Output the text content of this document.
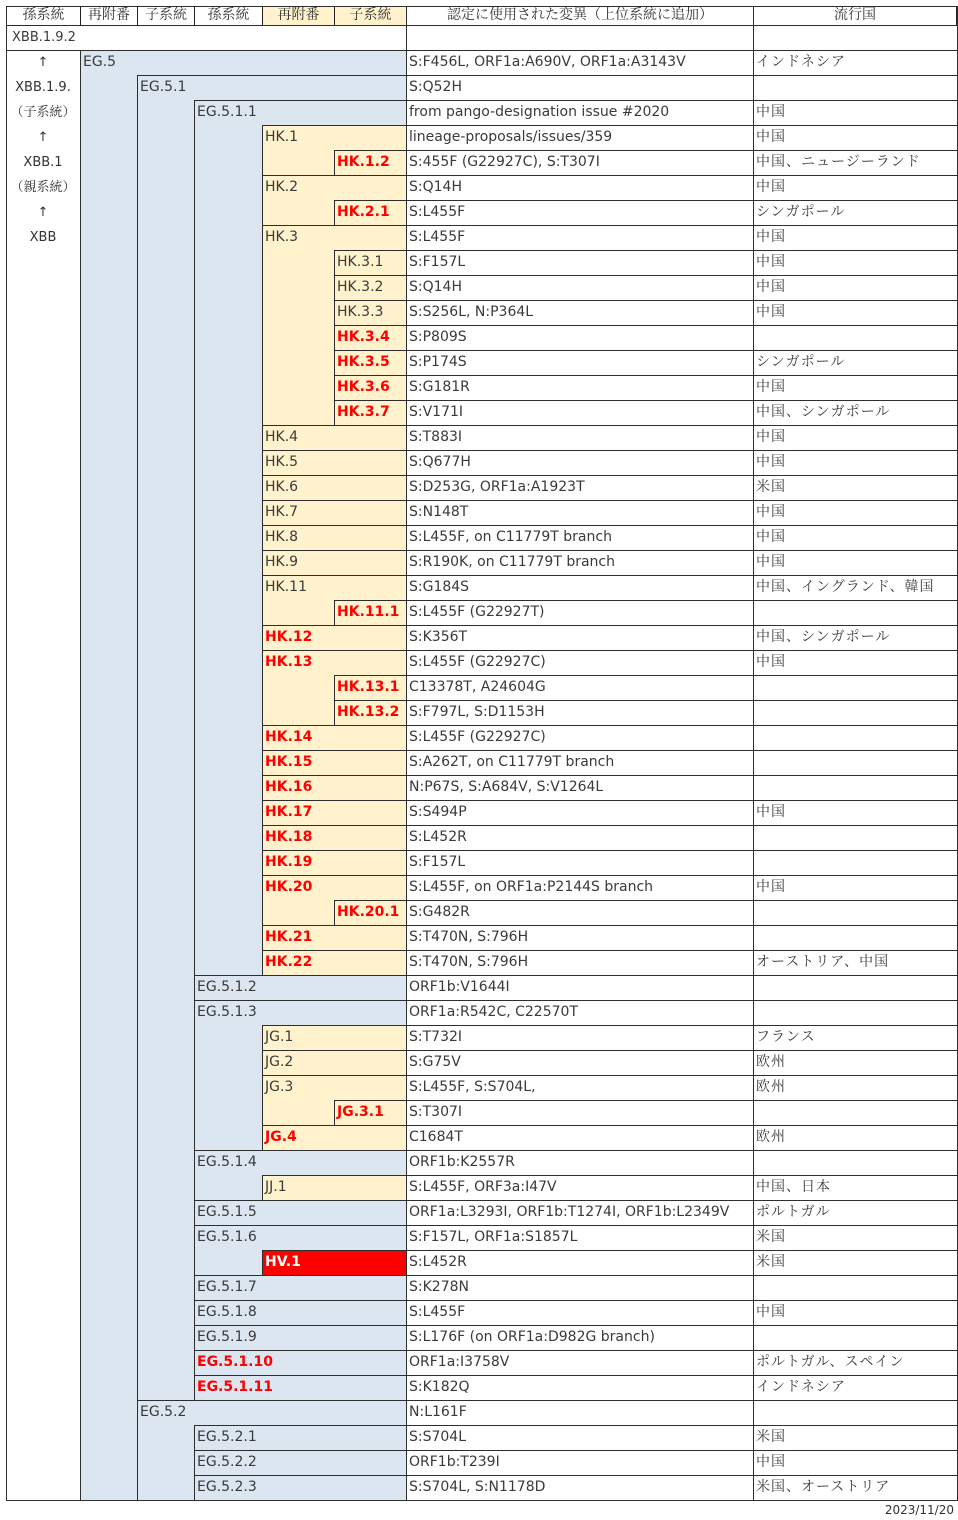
孫系統	再附番	子系統	孫系統	再附番	子系統	認定に使用された変異（上位系統に追加）	流行国
XBB.1.9.2
↑
XBB.1.9.
（子系統）
↑
XBB.1
（親系統）
↑
XBB
EG.5	S:F456L, ORF1a:A690V, ORF1a:A3143V	インドネシア
EG.5.1	S:Q52H
EG.5.1.1	from pango-designation issue #2020	中国
HK.1	lineage-proposals/issues/359	中国
HK.1.2	S:455F (G22927C), S:T307I	中国、ニュージーランド
HK.2	S:Q14H	中国
HK.2.1	S:L455F	シンガポール
HK.3	S:L455F	中国
HK.3.1	S:F157L	中国
HK.3.2	S:Q14H	中国
HK.3.3	S:S256L, N:P364L	中国
HK.3.4	S:P809S
HK.3.5	S:P174S	シンガポール
HK.3.6	S:G181R	中国
HK.3.7	S:V171I	中国、シンガポール
HK.4	S:T883I	中国
HK.5	S:Q677H	中国
HK.6	S:D253G, ORF1a:A1923T	米国
HK.7	S:N148T	中国
HK.8	S:L455F, on C11779T branch	中国
HK.9	S:R190K, on C11779T branch	中国
HK.11	S:G184S	中国、イングランド、韓国
HK.11.1 S:L455F (G22927T)
HK.12	S:K356T	中国、シンガポール
HK.13	S:L455F (G22927C)	中国
HK.13.1 C13378T, A24604G
HK.13.2 S:F797L, S:D1153H
HK.14	S:L455F (G22927C)
HK.15	S:A262T, on C11779T branch
HK.16	N:P67S, S:A684V, S:V1264L
HK.17	S:S494P	中国
HK.18	S:L452R
HK.19	S:F157L
HK.20	S:L455F, on ORF1a:P2144S branch	中国
HK.20.1 S:G482R
HK.21	S:T470N, S:796H
HK.22	S:T470N, S:796H	オーストリア、中国
EG.5.1.2	ORF1b:V1644I
EG.5.1.3	ORF1a:R542C, C22570T
JG.1	S:T732I	フランス
JG.2	S:G75V	欧州
JG.3	S:L455F, S:S704L,	欧州
JG.3.1	S:T307I
JG.4	C1684T	欧州
EG.5.1.4	ORF1b:K2557R
JJ.1	S:L455F, ORF3a:I47V	中国、日本
EG.5.1.5	ORF1a:L3293I, ORF1b:T1274I, ORF1b:L2349V	ポルトガル
EG.5.1.6	S:F157L, ORF1a:S1857L	米国
HV.1	S:L452R	米国
EG.5.1.7	S:K278N
EG.5.1.8	S:L455F	中国
EG.5.1.9	S:L176F (on ORF1a:D982G branch)
EG.5.1.10	ORF1a:I3758V	ポルトガル、スペイン
EG.5.1.11	S:K182Q	インドネシア
EG.5.2	N:L161F
EG.5.2.1	S:S704L	米国
EG.5.2.2	ORF1b:T239I	中国
EG.5.2.3	S:S704L, S:N1178D	米国、オーストリア
2023/11/20
